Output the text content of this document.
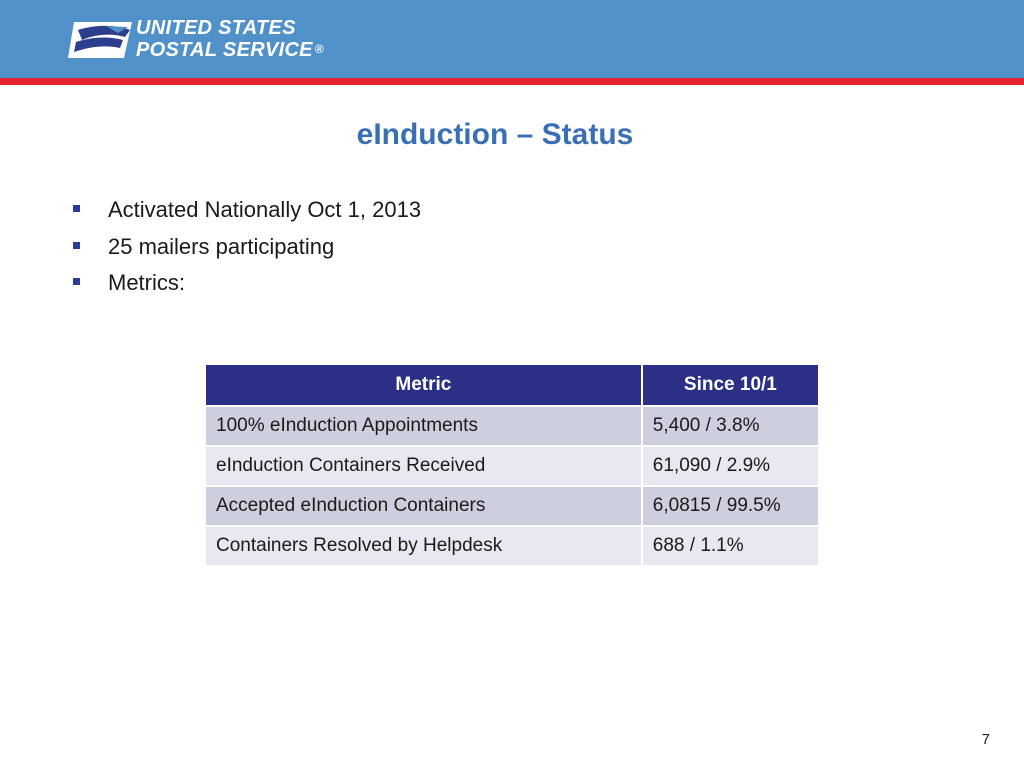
UNITED STATES
POSTAL SERVICE ®
eInduction – Status
Activated Nationally Oct 1, 2013
25 mailers participating
Metrics:
Metric	Since 10/1
100% eInduction Appointments	5,400 / 3.8%
eInduction Containers Received	61,090 / 2.9%
Accepted eInduction Containers	6,0815 / 99.5%
Containers Resolved by Helpdesk	688 / 1.1%
7
